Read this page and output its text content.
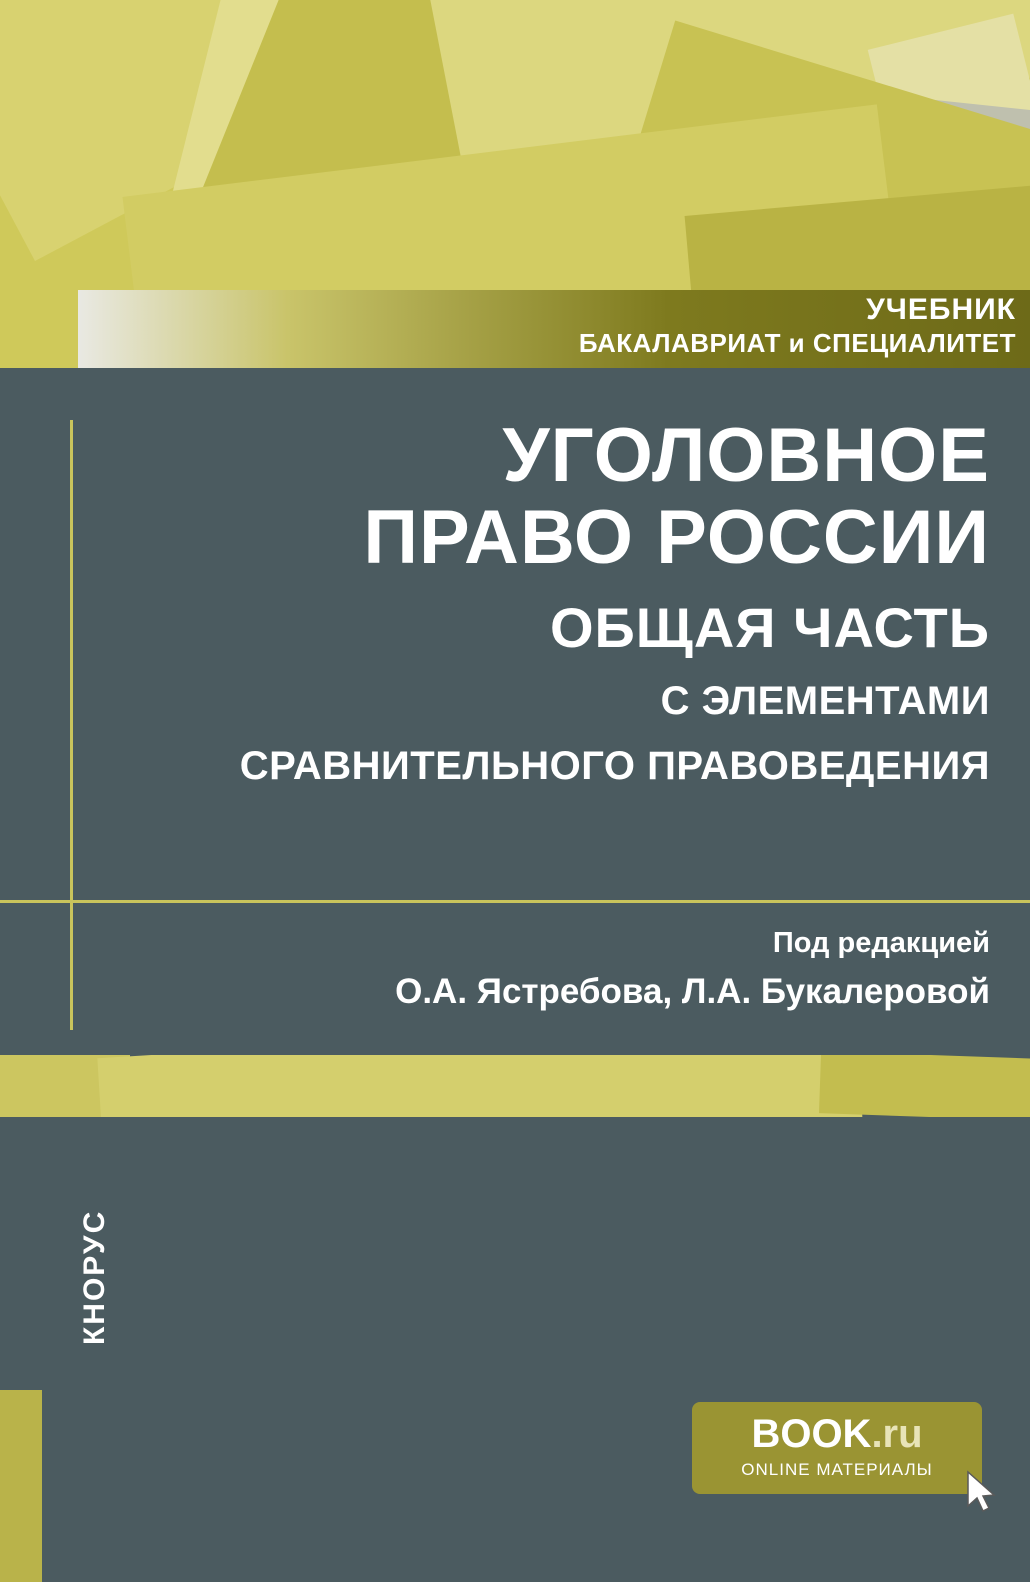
УЧЕБНИК
БАКАЛАВРИАТ и СПЕЦИАЛИТЕТ
УГОЛОВНОЕ
ПРАВО РОССИИ
ОБЩАЯ ЧАСТЬ
С ЭЛЕМЕНТАМИ
СРАВНИТЕЛЬНОГО ПРАВОВЕДЕНИЯ
Под редакцией
О.А. Ястребова, Л.А. Букалеровой
КНОРУС
BOOK.ru
ONLINE МАТЕРИАЛЫ
